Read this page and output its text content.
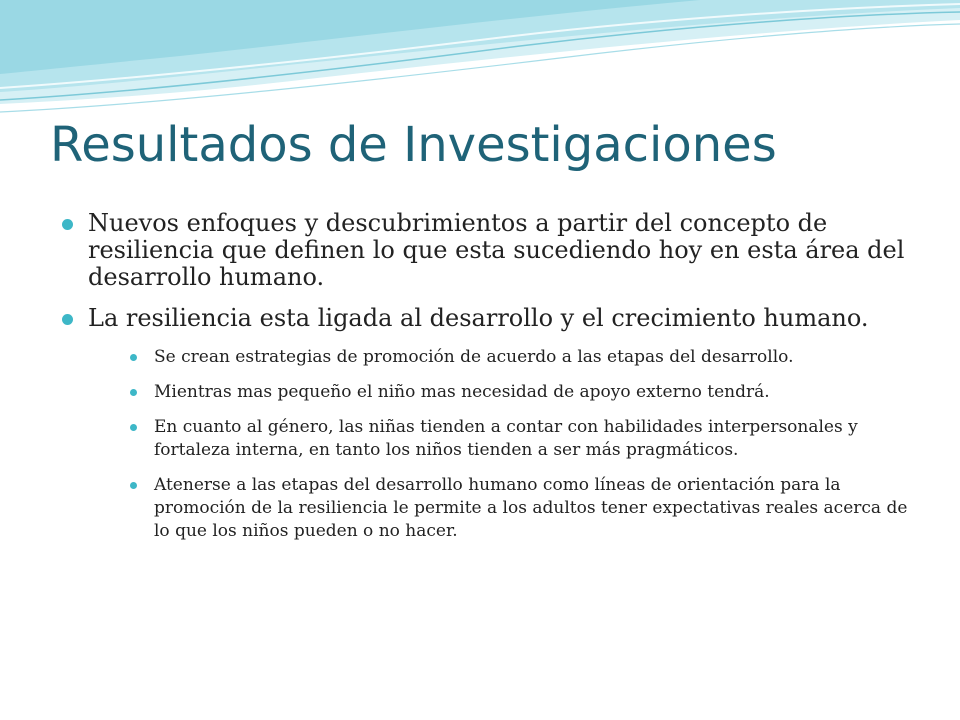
Resultados de Investigaciones
Nuevos enfoques y descubrimientos a partir del concepto de resiliencia que definen lo que esta sucediendo hoy en esta área del desarrollo humano.
La resiliencia esta ligada al desarrollo y el crecimiento humano.
Se crean estrategias de promoción de acuerdo a las etapas del desarrollo.
Mientras mas pequeño el niño mas necesidad de apoyo externo tendrá.
En cuanto al género, las niñas tienden a contar con habilidades interpersonales y fortaleza interna, en tanto los niños tienden a ser más pragmáticos.
Atenerse a las etapas del desarrollo humano como líneas de orientación para la promoción de la resiliencia le permite a los adultos tener expectativas reales acerca de lo que los niños pueden o no hacer.
